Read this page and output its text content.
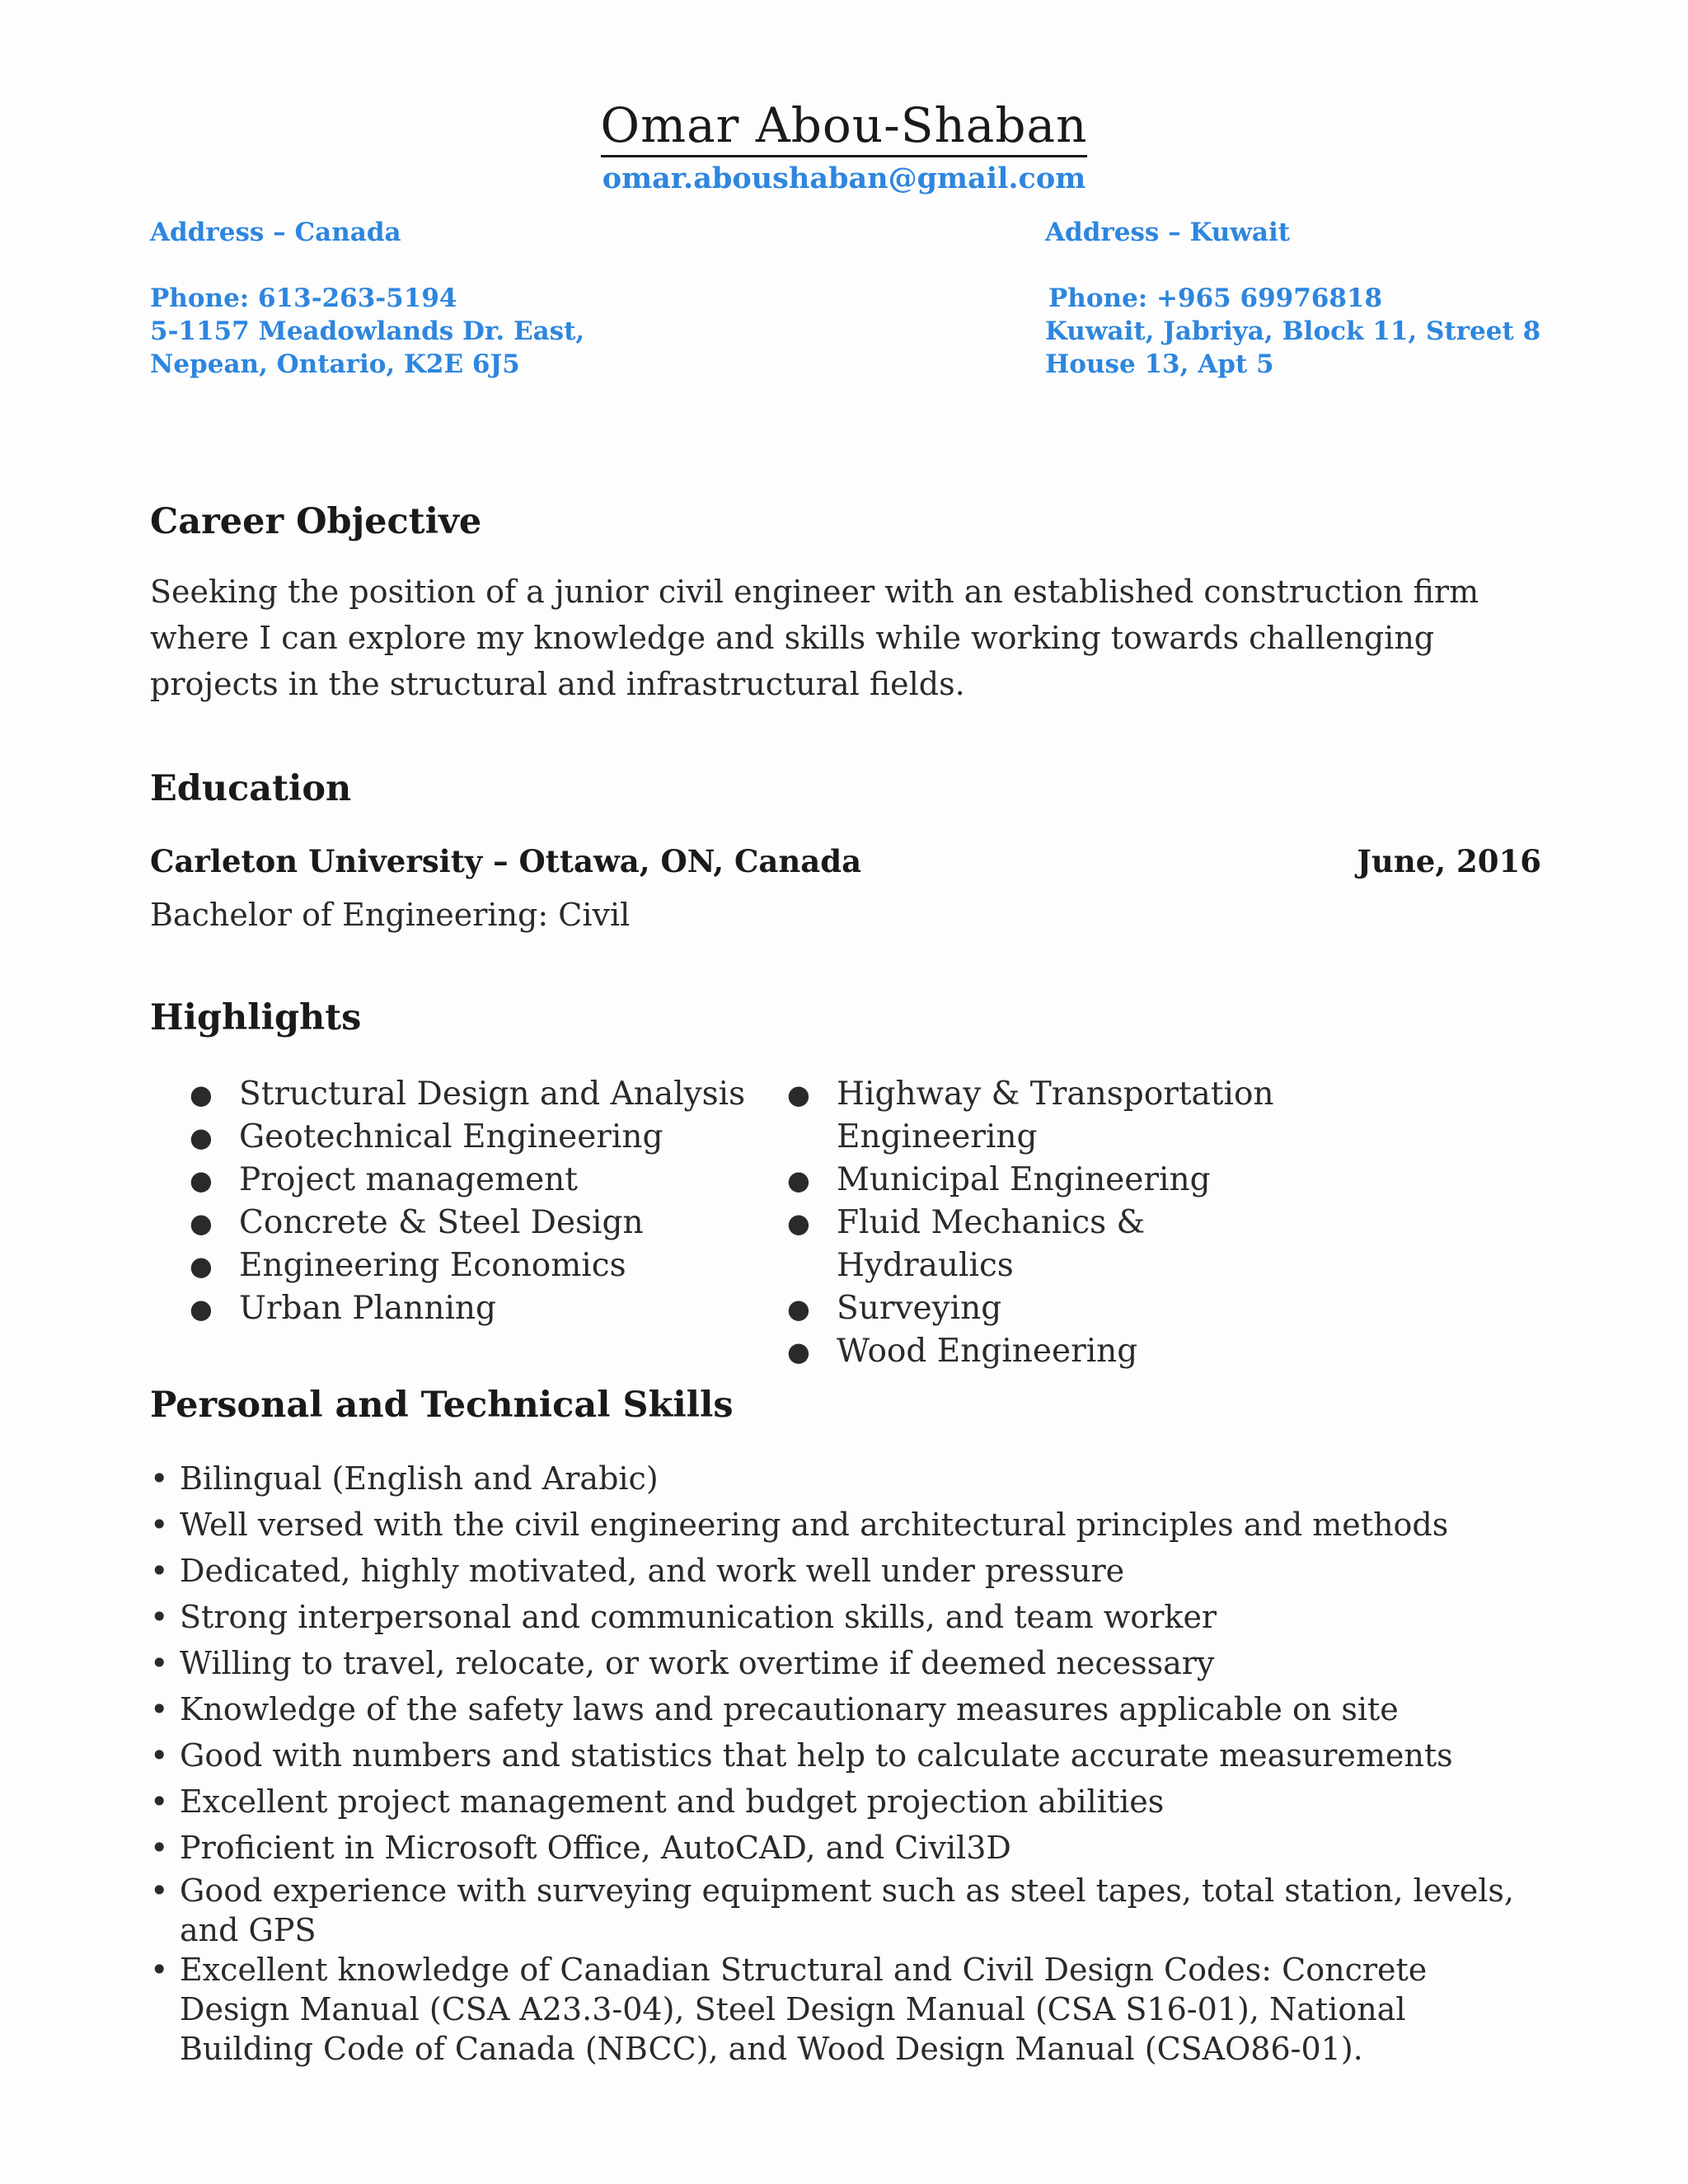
Omar Abou-Shaban
omar.aboushaban@gmail.com
Address – Canada
Phone: 613-263-5194
5-1157 Meadowlands Dr. East,
Nepean, Ontario, K2E 6J5
Address – Kuwait
Phone: +965 69976818
Kuwait, Jabriya, Block 11, Street 8
House 13, Apt 5
Career Objective
Seeking the position of a junior civil engineer with an established construction firm where I can explore my knowledge and skills while working towards challenging projects in the structural and infrastructural fields.
Education
Carleton University – Ottawa, ON, Canada	June, 2016
Bachelor of Engineering: Civil
Highlights
● Structural Design and Analysis
● Geotechnical Engineering
● Project management
● Concrete & Steel Design
● Engineering Economics
● Urban Planning
● Highway & Transportation Engineering
● Municipal Engineering
● Fluid Mechanics & Hydraulics
● Surveying
● Wood Engineering
Personal and Technical Skills
• Bilingual (English and Arabic)
• Well versed with the civil engineering and architectural principles and methods
• Dedicated, highly motivated, and work well under pressure
• Strong interpersonal and communication skills, and team worker
• Willing to travel, relocate, or work overtime if deemed necessary
• Knowledge of the safety laws and precautionary measures applicable on site
• Good with numbers and statistics that help to calculate accurate measurements
• Excellent project management and budget projection abilities
• Proficient in Microsoft Office, AutoCAD, and Civil3D
• Good experience with surveying equipment such as steel tapes, total station, levels, and GPS
• Excellent knowledge of Canadian Structural and Civil Design Codes: Concrete Design Manual (CSA A23.3-04), Steel Design Manual (CSA S16-01), National Building Code of Canada (NBCC), and Wood Design Manual (CSAO86-01).
